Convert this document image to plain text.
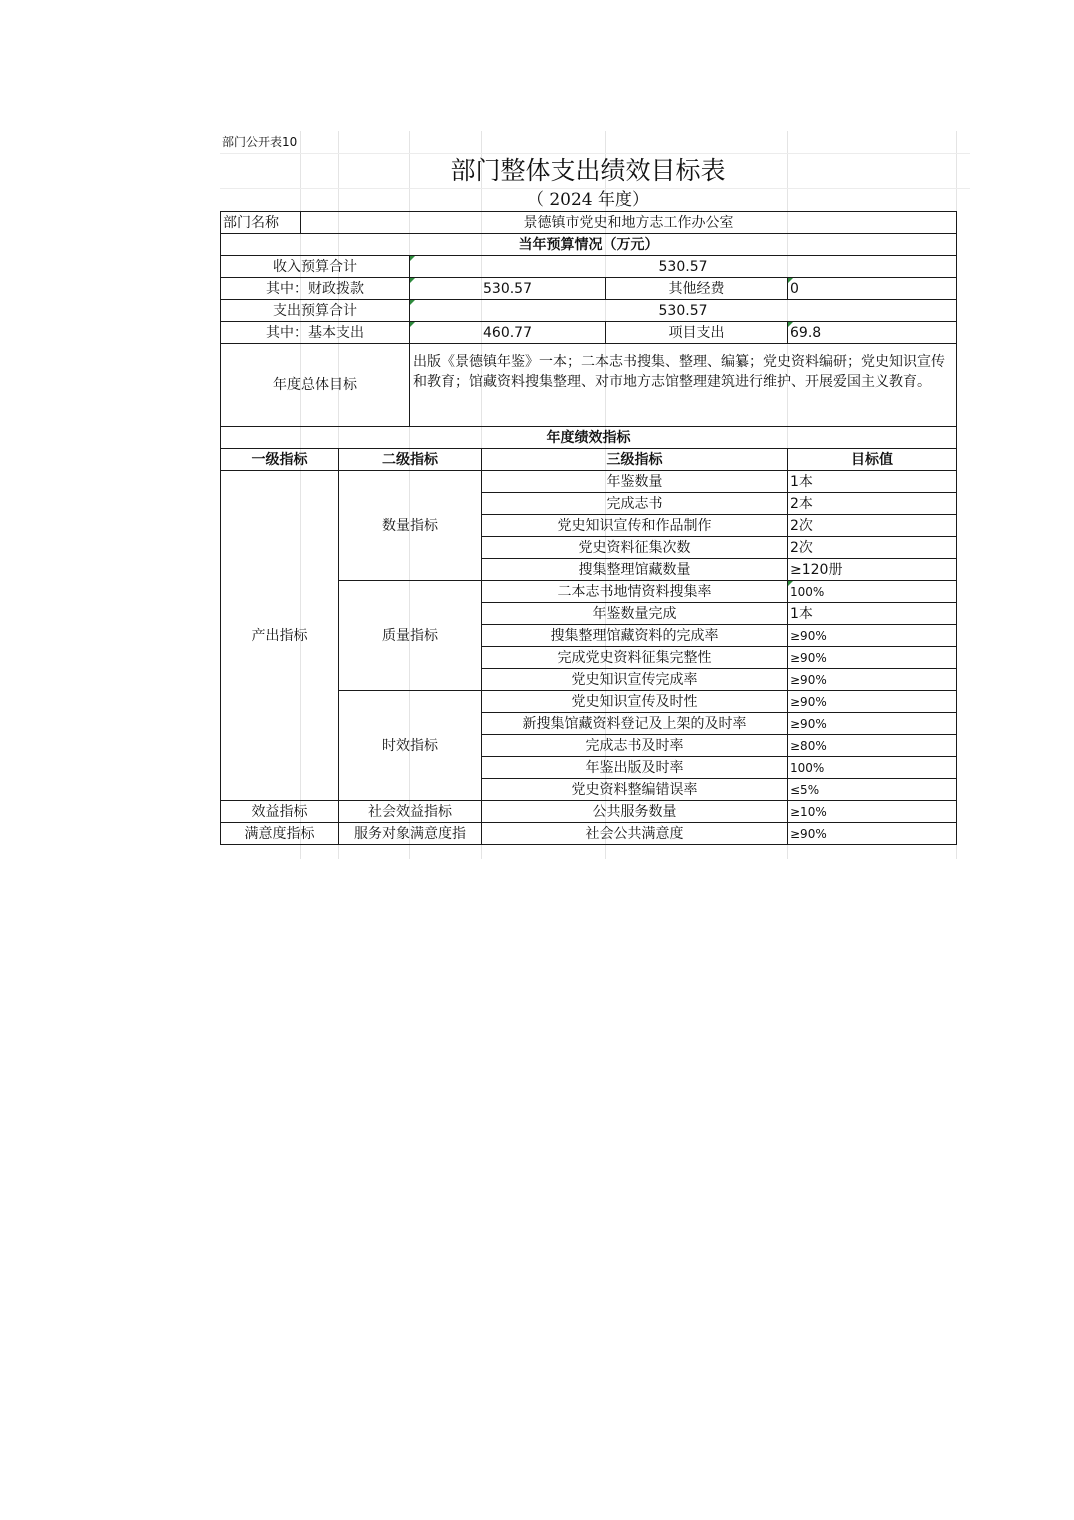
部门公开表10
部门整体支出绩效目标表
（ 2024 年度）
部门名称	景德镇市党史和地方志工作办公室					
当年预算情况（万元）						
收入预算合计			530.57			
其中：财政拨款			530.57		其他经费	0
支出预算合计			530.57			
其中：基本支出			460.77		项目支出	69.8
年度总体目标			出版《景德镇年鉴》一本；二本志书搜集、整理、编纂；党史资料编研；党史知识宣传和教育；馆藏资料搜集整理、对市地方志馆整理建筑进行维护、开展爱国主义教育。			
年度绩效指标						
一级指标		二级指标		三级指标		目标值
产出指标		数量指标		年鉴数量		1本
				完成志书		2本
				党史知识宣传和作品制作		2次
				党史资料征集次数		2次
				搜集整理馆藏数量		≥120册
		质量指标		二本志书地情资料搜集率		100%
				年鉴数量完成		1本
				搜集整理馆藏资料的完成率		≥90%
				完成党史资料征集完整性		≥90%
				党史知识宣传完成率		≥90%
		时效指标		党史知识宣传及时性		≥90%
				新搜集馆藏资料登记及上架的及时率		≥90%
				完成志书及时率		≥80%
				年鉴出版及时率		100%
				党史资料整编错误率		≤5%
效益指标		社会效益指标		公共服务数量		≥10%
满意度指标		服务对象满意度指		社会公共满意度		≥90%
